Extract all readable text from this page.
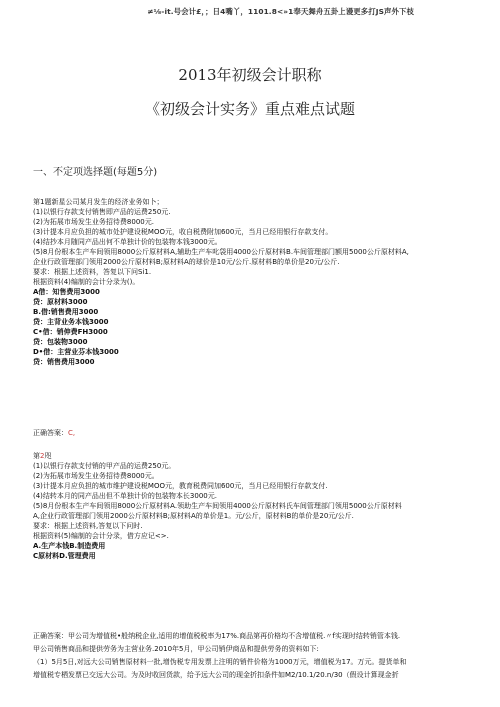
≠⅛-it.号会计£，；日4嘴丫，1101.8<»1奉天舞舟五卦上谩更多打JS声外下枝
2013年初级会计职称
《初级会计实务》重点难点试题
一、不定项选择题(每题5分)
第1题新星公司某月发生的经济业务如卜；
(1)以银行存款支付销售即产品的运费250元.
(2)为拓展市场发生业务招待费8000元.
(3)计提本月应负担的城市处护建设税MOO元，收自税费附加600元，当月已经用银行存款支付。
(4)结抄本月随同产品出何不单独计价的包装物本钱3000元。
(5)8月份根本生产车间领用8000公斤原材料A,辅助生产车叱袋用4000公斤原材料B.车间管理部门额用5000公斤原材料A,
企业行政管理部门领用2000公斤原材料B;原材料A的球价是10元/公斤.原材料B的单价是20元/公斤.
要求：根据上述资料，答复以下问Si1.
根据资料(4)编制的会计分录为()。
A借：知售费用3000
贷：原材料3000
B.借:销售费用3000
贷：主背业务本钱3000
C•借：销伸费FH3000
贷：包装物3000
D•借：主营业芬本钱3000
贷：销售费用3000
正确答案：C,
第2咫
(1)以银行存款支付销的甲产品的运费250元。
(2)为拓展市场发生业务招待费8000元。
(3)计提本月应负担的城市维护建设税MOO元，教育税费同加600元，当月已经用银行存款支付.
(4)结转本月的同产品出但不单独计价的包装物本长3000元.
(5)8月份根本生产车间领用8000公斤原材料A.领助生产车间领用4000公斤原材料氏车间管理部门领用5000公斤原材料
A,企业行政管理部门领用2000公斤原材料B;原材料A的单价是1。元/公斤，原材料B的单价是20元/公斤.
要求：根据上述资料,答复以下问时.
根据资料(5)编制的会计分录，借方应记<>.
A.生产本钱B.制造费用
C原材料D.管理费用
正确答案：甲公司为增值税•般纳税企业,适用的增值税税率为17%.商品第再价格均不含增值税.〃f实现时结转销管本钱.
甲公司销售商品和提供劳务为主营业务.2010年5月，甲公司销伊商品和提供劳务的资料如下:
（1）5月5日,对远大公司销售原材料一批,增伪税专用发票上注明的销件价格为1000万元，增值税为17。万元。提货单和
增值税专栖发票已交远大公司。为及时收回货款，给予远大公司的现金折扣条件如M2/10.1/20.n/30（假设计算现金折
